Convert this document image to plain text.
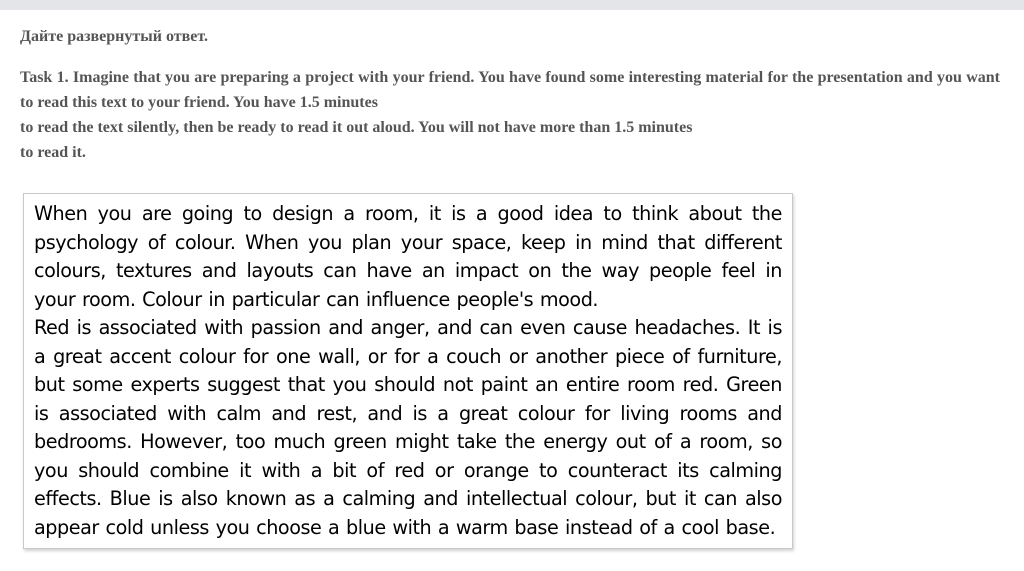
Дайте развернутый ответ.

Task 1. Imagine that you are preparing a project with your friend. You have found some interesting material for the presentation and you want to read this text to your friend. You have 1.5 minutes

to read the text silently, then be ready to read it out aloud. You will not have more than 1.5 minutes

to read it.

When you are going to design a room, it is a good idea to think about the psychology of colour. When you plan your space, keep in mind that different colours, textures and layouts can have an impact on the way people feel in your room. Colour in particular can influence people's mood.

Red is associated with passion and anger, and can even cause headaches. It is a great accent colour for one wall, or for a couch or another piece of furniture, but some experts suggest that you should not paint an entire room red. Green is associated with calm and rest, and is a great colour for living rooms and bedrooms. However, too much green might take the energy out of a room, so you should combine it with a bit of red or orange to counteract its calming effects. Blue is also known as a calming and intellectual colour, but it can also appear cold unless you choose a blue with a warm base instead of a cool base.
